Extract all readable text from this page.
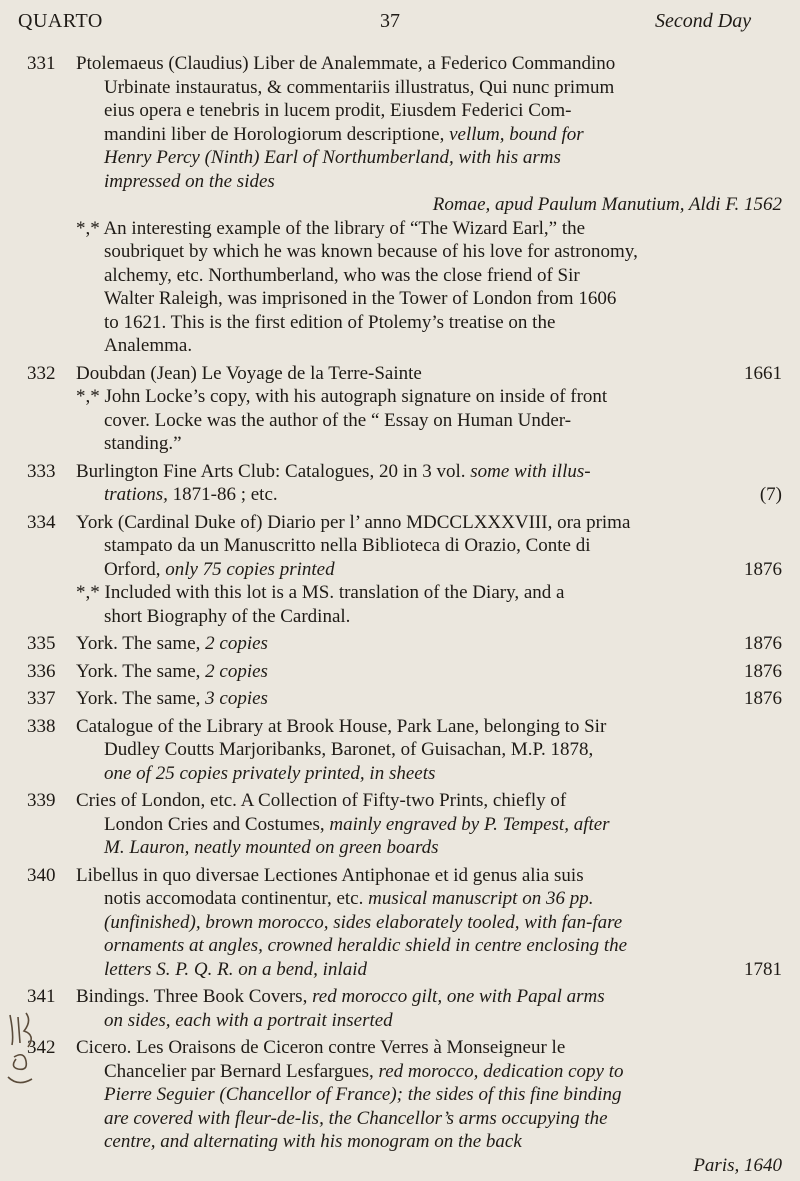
QUARTO	37	Second Day
331	Ptolemaeus (Claudius) Liber de Analemmate, a Federico Commandino
Urbinate instauratus, & commentariis illustratus, Qui nunc primum
eius opera e tenebris in lucem prodit, Eiusdem Federici Com-
mandini liber de Horologiorum descriptione, vellum, bound for
Henry Percy (Ninth) Earl of Northumberland, with his arms
impressed on the sides
Romae, apud Paulum Manutium, Aldi F. 1562
*,* An interesting example of the library of “The Wizard Earl,” the
soubriquet by which he was known because of his love for astronomy,
alchemy, etc. Northumberland, who was the close friend of Sir
Walter Raleigh, was imprisoned in the Tower of London from 1606
to 1621. This is the first edition of Ptolemy’s treatise on the
Analemma.
332	Doubdan (Jean) Le Voyage de la Terre-Sainte	1661
*,* John Locke’s copy, with his autograph signature on inside of front
cover. Locke was the author of the “ Essay on Human Under-
standing.”
333	Burlington Fine Arts Club: Catalogues, 20 in 3 vol. some with illus-
trations, 1871-86 ; etc.	(7)
334	York (Cardinal Duke of) Diario per l’ anno MDCCLXXXVIII, ora prima
stampato da un Manuscritto nella Biblioteca di Orazio, Conte di
Orford, only 75 copies printed	1876
*,* Included with this lot is a MS. translation of the Diary, and a
short Biography of the Cardinal.
335	York. The same, 2 copies	1876
336	York. The same, 2 copies	1876
337	York. The same, 3 copies	1876
338	Catalogue of the Library at Brook House, Park Lane, belonging to Sir
Dudley Coutts Marjoribanks, Baronet, of Guisachan, M.P. 1878,
one of 25 copies privately printed, in sheets
339	Cries of London, etc. A Collection of Fifty-two Prints, chiefly of
London Cries and Costumes, mainly engraved by P. Tempest, after
M. Lauron, neatly mounted on green boards
340	Libellus in quo diversae Lectiones Antiphonae et id genus alia suis
notis accomodata continentur, etc. musical manuscript on 36 pp.
(unfinished), brown morocco, sides elaborately tooled, with fan-fare
ornaments at angles, crowned heraldic shield in centre enclosing the
letters S. P. Q. R. on a bend, inlaid	1781
341	Bindings. Three Book Covers, red morocco gilt, one with Papal arms
on sides, each with a portrait inserted
342	Cicero. Les Oraisons de Ciceron contre Verres à Monseigneur le
Chancelier par Bernard Lesfargues, red morocco, dedication copy to
Pierre Seguier (Chancellor of France); the sides of this fine binding
are covered with fleur-de-lis, the Chancellor’s arms occupying the
centre, and alternating with his monogram on the back
Paris, 1640
